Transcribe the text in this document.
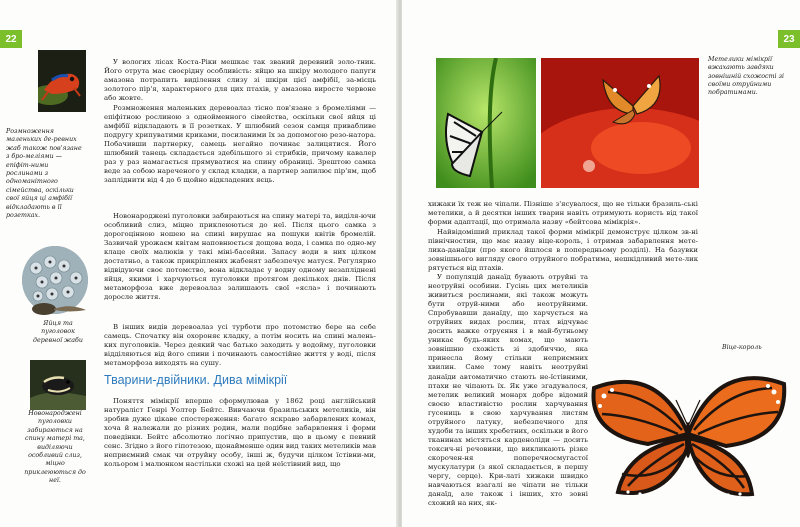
22
Розмноження маленьких де-ревних жаб також пов'язане з бро-меліями — епіфіт-ними рослинами з одноманітного сімейства, оскільки свої яйця ці амфібії відкладають в її розетках.
Яйця та пуголовок деревної жаби
Новонароджені пуголовки забираються на спину матері та, виділяючи особливий слиз, міцно приклеюються до неї.
У вологих лісах Коста-Ріки мешкає так званий деревний золо-тник. Його отрута має своєрідну особливість: яйцю на шкіру молодого папуги амазона потрапить виділення слизу зі шкіри цієї амфібії, за-місць золотого пір'я, характерного для цих птахів, у амазона виросте червоне або жовте.
Розмноження маленьких деревоалаз тісно пов'язане з бромеліями — епіфітною рослиною з однойменного сімейства, оскільки свої яйця ці амфібії відкладають в її розетках. У шлюбний сезон самця привабливе подругу хрипуватими криками, посиланими їх за допомогою резо-натора. Побачивши партнерку, самець негайно починає залицятися. Його шлюбний танець складається здебільшого зі стрибків, причому кавалер раз у раз намагається прямуватися на спину обраниці. Зрештою самка веде за собою нареченого у склад кладки, а партнер запилює пір'ям, щоб запліднити від 4 до 6 щойно відкладених яєць.
Новонароджені пуголовки забираються на спину матері та, виділя-ючи особливий слиз, міцно приклеюються до неї. Після цього самка з дорогоцінною ношею на спині вирушає на пошуки квітів бромелій. Зазвичай урожаєм квітам наповнюється дощова вода, і самка по одно-му клаце своїх малюків у такі міні-басейни. Запасу води в них цілком достатньо, а також прикріплених жабенят забезпечує матуся. Регулярно відвідуючи своє потомство, вона відкладає у водну одному незапліднені яйця, якими і харчуються пуголовки протягом декількох днів. Після метаморфоза вже деревоалаз залишають свої «ясла» і починають доросле життя.
В інших видів деревоалаз усі турботи про потомство бере на себе самець. Спочатку він охороняє кладку, а потім носить на спині малень-ких пуголовків. Через деякий час батько заходить у водойму, пуголовки відділяються від його спини і починають самостійне життя у воді, після метаморфоза виходять на сушу.
Тварини-двійники. Дива мімікрії
Поняття мімікрії вперше сформулював у 1862 році англійський натураліст Генрі Уолтер Бейтс. Вивчаючи бразильських метеликів, він зробив дуже цікаве спостереження: багато яскраво забарвлених комах, хоча й належали до різних родин, мали подібне забарвлення і форми поведінки. Бейтс абсолютно логічно припустив, що в цьому є певний сенс. Згідно з його гіпотезою, щонайменше один вид таких метеликів мав неприємний смак чи отруйну особу, інші ж, будучи цілком їстівни-ми, кольором і малюнком настільки схожі на цей неїстівний вид, що
23
Метелики мімікрії вжахають завдяки зовнішній схожості зі своїми отруйними побратимами.
хижаки їх теж не чіпали. Пізніше з'ясувалося, що не тільки бразиль-ські метелики, а й десятки інших тварин навіть отримують користь від такої форми адаптації, що отримала назву «бейтсова мімікрія».
Найвідоміший приклад такої форми мімікрії демонструє цілком зв-ні північностин, що має назву віце-король, і отримав забарвлення мете-лика-данаїди (про якого йшлося в попередньому розділі). На базувки зовнішнього вигляду свого отруйного побратима, нешкідливий мете-лик рятується від птахів.
У популяцій данаїд бувають отруйні та неотруйні особини. Гусінь цих метеликів живиться рослинами, які також можуть бути отруй-ними або неотруйними. Спробувавши данаїду, що харчується на отруйних видах рослин, птах відчуває досить важке отруєння і в май-бутньому уникає будь-яких комах, що мають зовнішню схожість зі здобиччю, яка принесла йому стільки неприємних хвилин. Саме тому навіть неотруйні данаїди автоматично стають не-їстівними, птахи не чіпають їх. Як уже згадувалося, метелик великий монарх добре відомий своєю властивістю рослин харчування гусениць в свою харчування листям отруйного латуку, небезпечного для худоби та інших хребетних, оскільки в його тканинах містяться карденоліди — досить токсич-ні речовини, що викликають різке скорочен-ня поперечносмугастої мускулатури (з якої складається, в першу чергу, серце). Кри-латі хижаки швидко навчаються взагалі не чіпати не тільки данаїд, але також і інших, хто зовні схожий на них, як-
Віце-король
